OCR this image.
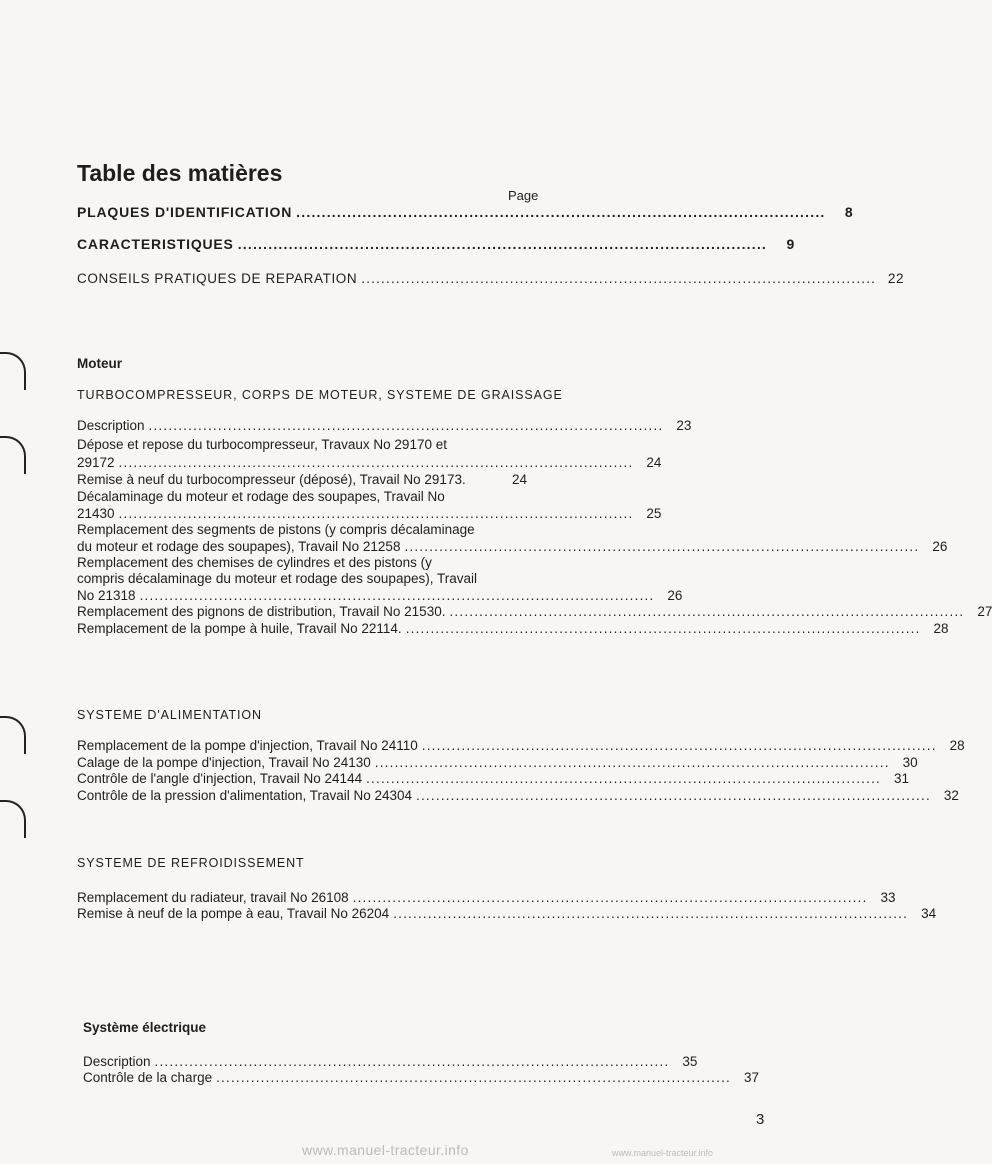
Table des matières
Page
PLAQUES D'IDENTIFICATION ........................................................................................................	8
CARACTERISTIQUES ........................................................................................................	9
CONSEILS PRATIQUES DE REPARATION ........................................................................................................ 22
Moteur
TURBOCOMPRESSEUR, CORPS DE MOTEUR, SYSTEME DE GRAISSAGE
Description ........................................................................................................ 23
Dépose et repose du turbocompresseur, Travaux No 29170 et
29172 ........................................................................................................ 24
Remise à neuf du turbocompresseur (déposé), Travail No 29173.	24
Décalaminage du moteur et rodage des soupapes, Travail No
21430 ........................................................................................................ 25
Remplacement des segments de pistons (y compris décalaminage
du moteur et rodage des soupapes), Travail No 21258 ........................................................................................................ 26
Remplacement des chemises de cylindres et des pistons (y
compris décalaminage du moteur et rodage des soupapes), Travail
No 21318 ........................................................................................................ 26
Remplacement des pignons de distribution, Travail No 21530. ........................................................................................................ 27
Remplacement de la pompe à huile, Travail No 22114. ........................................................................................................ 28
SYSTEME D'ALIMENTATION
Remplacement de la pompe d'injection, Travail No 24110 ........................................................................................................ 28
Calage de la pompe d'injection, Travail No 24130 ........................................................................................................ 30
Contrôle de l'angle d'injection, Travail No 24144 ........................................................................................................ 31
Contrôle de la pression d'alimentation, Travail No 24304 ........................................................................................................ 32
SYSTEME DE REFROIDISSEMENT
Remplacement du radiateur, travail No 26108 ........................................................................................................ 33
Remise à neuf de la pompe à eau, Travail No 26204 ........................................................................................................ 34
Système électrique
Description ........................................................................................................ 35
Contrôle de la charge ........................................................................................................ 37
3
www.manuel-tracteur.info	www.manuel-tracteur.info
